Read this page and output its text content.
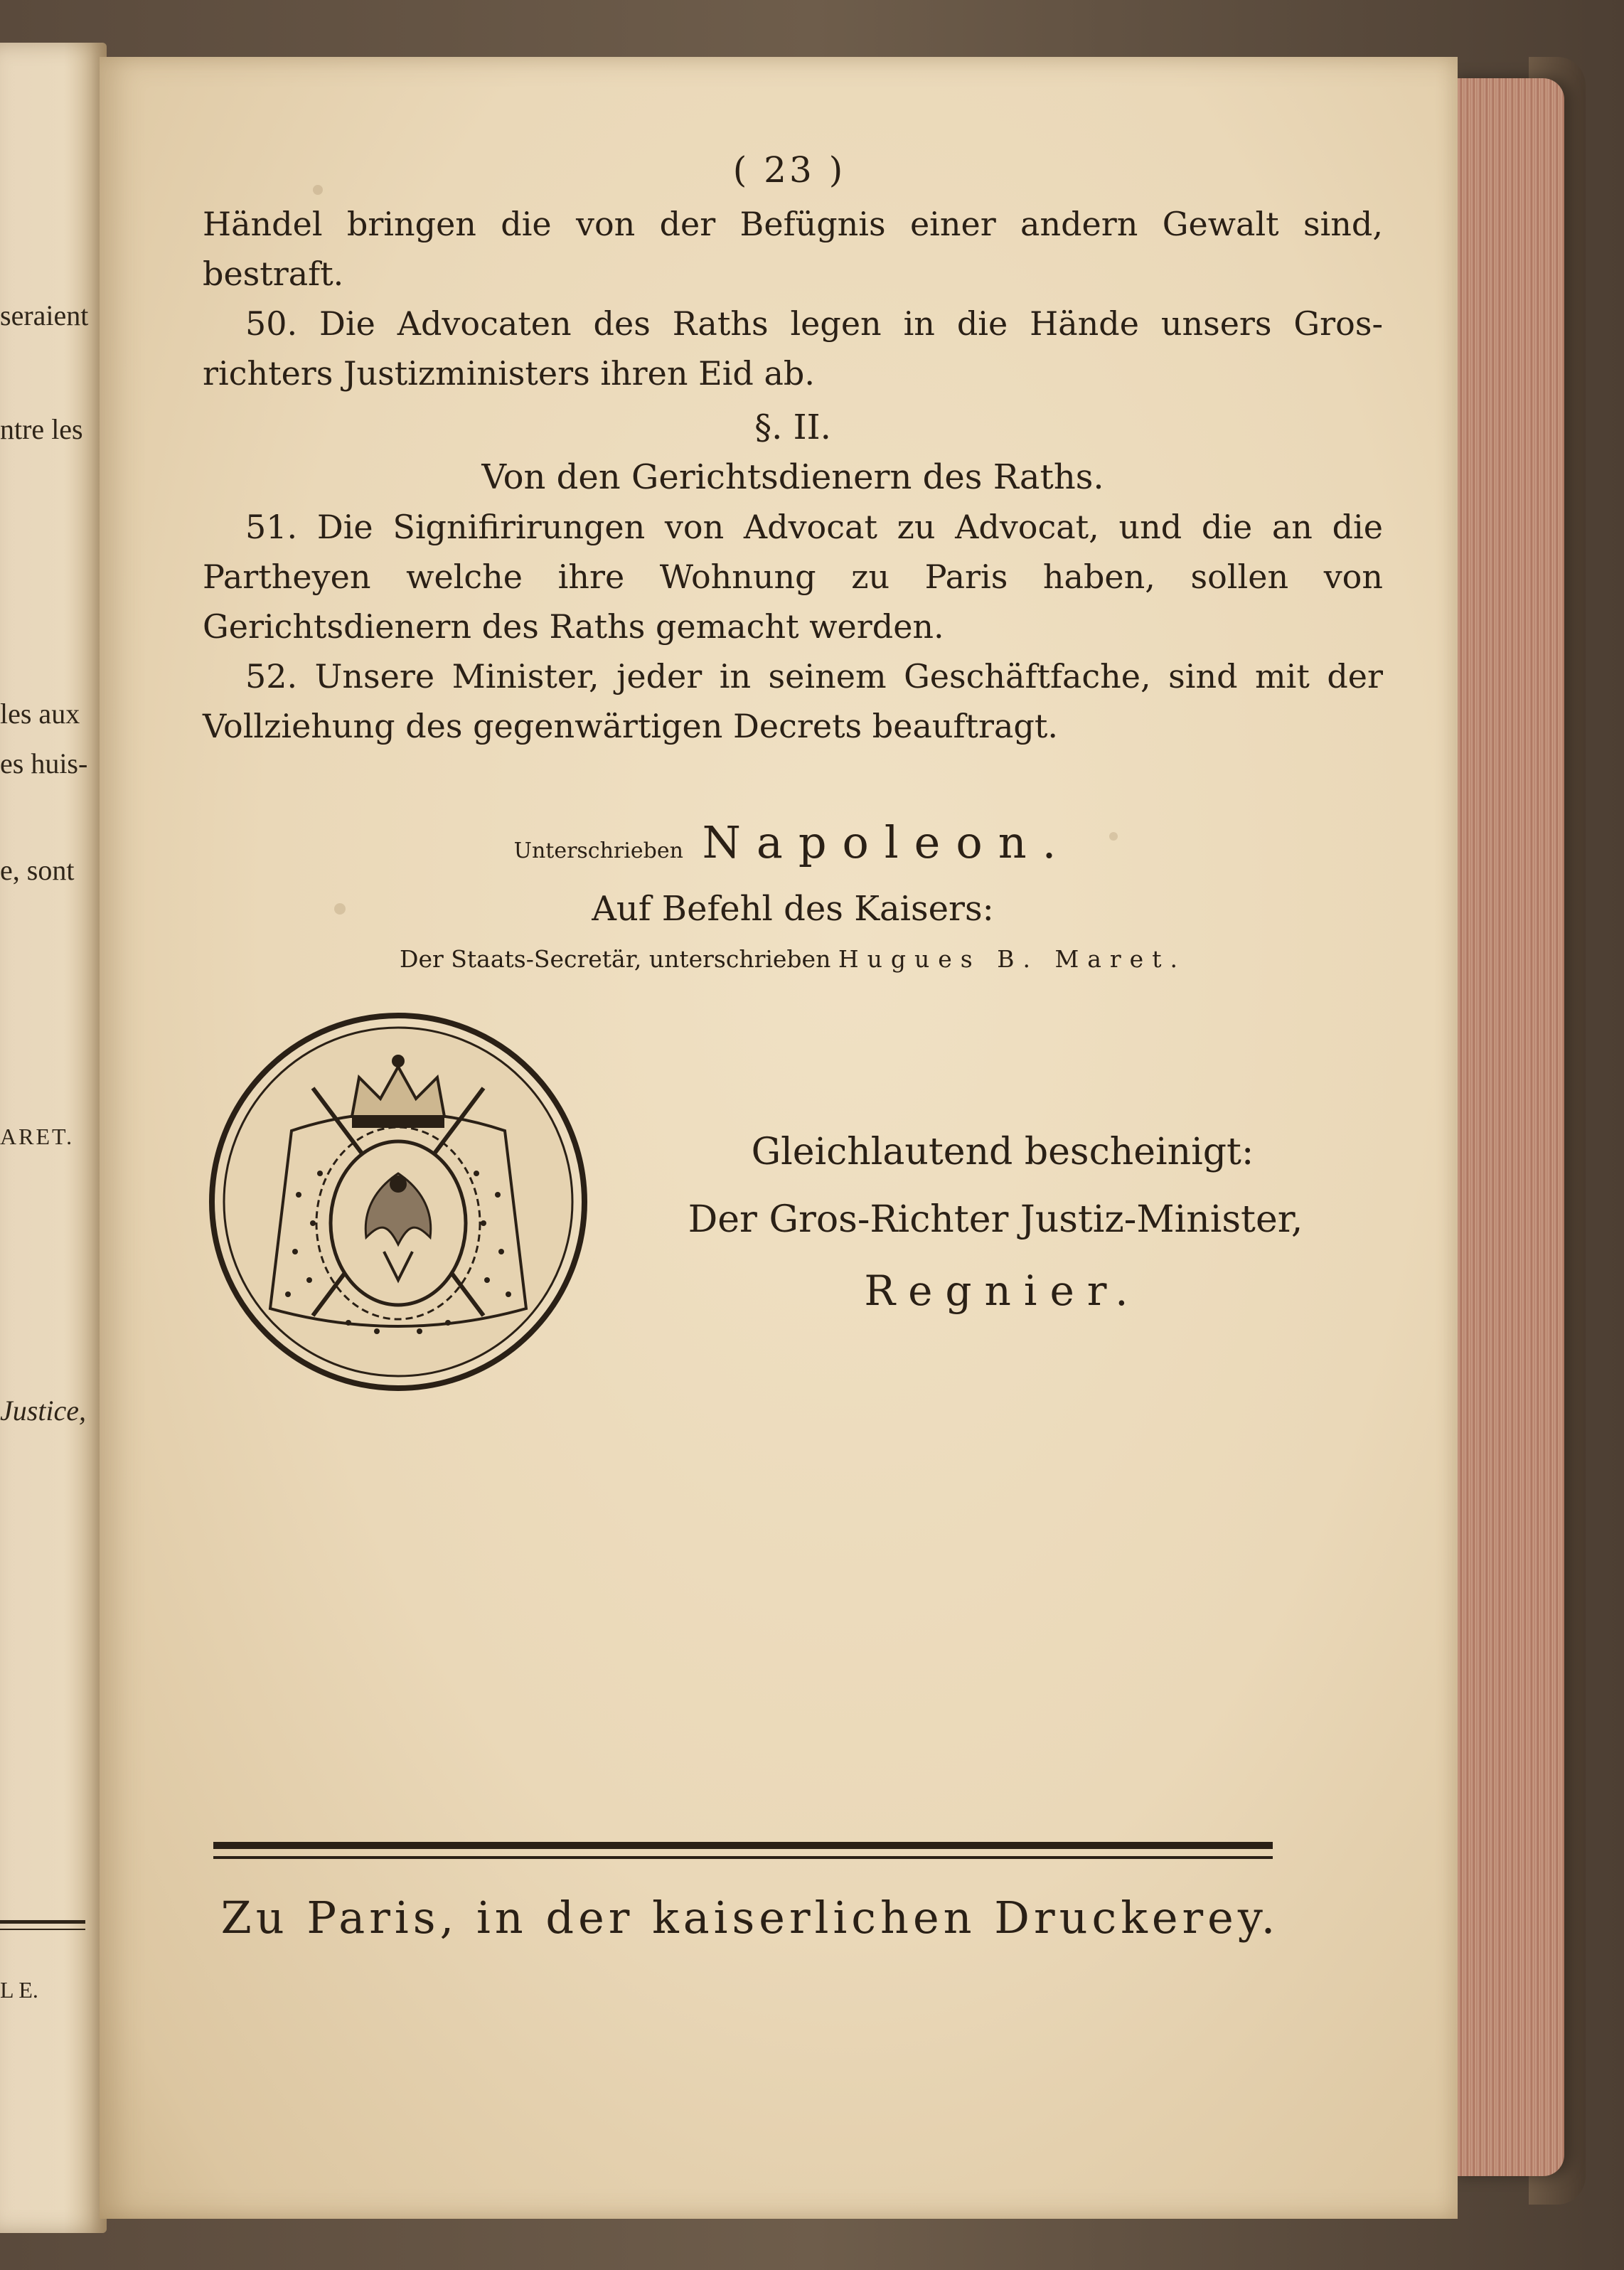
seraient
ntre les
les aux
es huis-
e, sont
ARET.
Justice,
L E.
( 23 )
Händel bringen die von der Befügnis einer andern Gewalt sind, bestraft.
50. Die Advocaten des Raths legen in die Hände unsers Gros-richters Justizministers ihren Eid ab.
§. II.
Von den Gerichtsdienern des Raths.
51. Die Signifirirungen von Advocat zu Advocat, und die an die Partheyen welche ihre Wohnung zu Paris haben, sollen von Gerichtsdienern des Raths gemacht werden.
52. Unsere Minister, jeder in seinem Geschäftfache, sind mit der Vollziehung des gegenwärtigen Decrets beauftragt.
Unterschrieben Napoleon.
Auf Befehl des Kaisers:
Der Staats-Secretär, unterschrieben Hugues B. Maret.
Gleichlautend bescheinigt:
Der Gros-Richter Justiz-Minister,
Regnier.
Zu Paris, in der kaiserlichen Druckerey.
